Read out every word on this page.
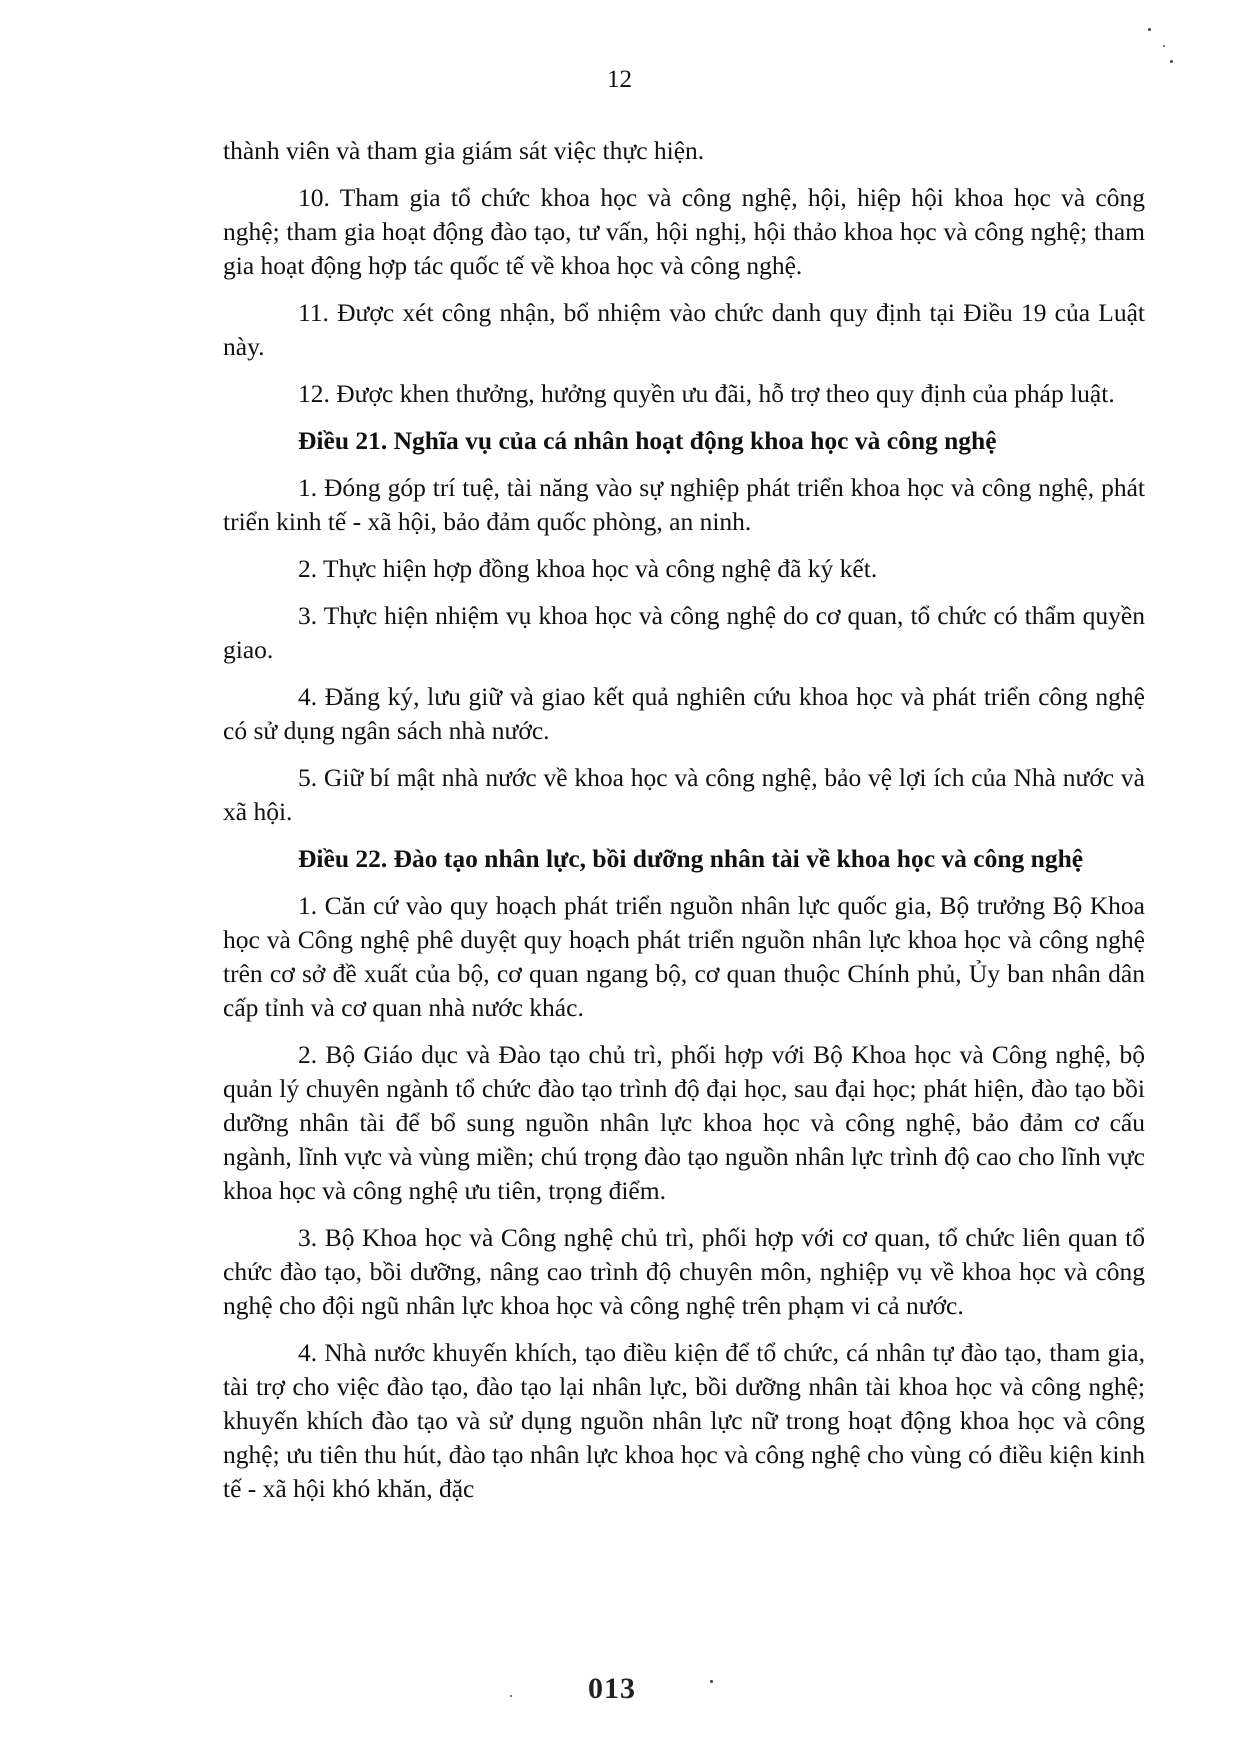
12

thành viên và tham gia giám sát việc thực hiện.

10. Tham gia tổ chức khoa học và công nghệ, hội, hiệp hội khoa học và công nghệ; tham gia hoạt động đào tạo, tư vấn, hội nghị, hội thảo khoa học và công nghệ; tham gia hoạt động hợp tác quốc tế về khoa học và công nghệ.

11. Được xét công nhận, bổ nhiệm vào chức danh quy định tại Điều 19 của Luật này.

12. Được khen thưởng, hưởng quyền ưu đãi, hỗ trợ theo quy định của pháp luật.

Điều 21. Nghĩa vụ của cá nhân hoạt động khoa học và công nghệ

1. Đóng góp trí tuệ, tài năng vào sự nghiệp phát triển khoa học và công nghệ, phát triển kinh tế - xã hội, bảo đảm quốc phòng, an ninh.

2. Thực hiện hợp đồng khoa học và công nghệ đã ký kết.

3. Thực hiện nhiệm vụ khoa học và công nghệ do cơ quan, tổ chức có thẩm quyền giao.

4. Đăng ký, lưu giữ và giao kết quả nghiên cứu khoa học và phát triển công nghệ có sử dụng ngân sách nhà nước.

5. Giữ bí mật nhà nước về khoa học và công nghệ, bảo vệ lợi ích của Nhà nước và xã hội.

Điều 22. Đào tạo nhân lực, bồi dưỡng nhân tài về khoa học và công nghệ

1. Căn cứ vào quy hoạch phát triển nguồn nhân lực quốc gia, Bộ trưởng Bộ Khoa học và Công nghệ phê duyệt quy hoạch phát triển nguồn nhân lực khoa học và công nghệ trên cơ sở đề xuất của bộ, cơ quan ngang bộ, cơ quan thuộc Chính phủ, Ủy ban nhân dân cấp tỉnh và cơ quan nhà nước khác.

2. Bộ Giáo dục và Đào tạo chủ trì, phối hợp với Bộ Khoa học và Công nghệ, bộ quản lý chuyên ngành tổ chức đào tạo trình độ đại học, sau đại học; phát hiện, đào tạo bồi dưỡng nhân tài để bổ sung nguồn nhân lực khoa học và công nghệ, bảo đảm cơ cấu ngành, lĩnh vực và vùng miền; chú trọng đào tạo nguồn nhân lực trình độ cao cho lĩnh vực khoa học và công nghệ ưu tiên, trọng điểm.

3. Bộ Khoa học và Công nghệ chủ trì, phối hợp với cơ quan, tổ chức liên quan tổ chức đào tạo, bồi dưỡng, nâng cao trình độ chuyên môn, nghiệp vụ về khoa học và công nghệ cho đội ngũ nhân lực khoa học và công nghệ trên phạm vi cả nước.

4. Nhà nước khuyến khích, tạo điều kiện để tổ chức, cá nhân tự đào tạo, tham gia, tài trợ cho việc đào tạo, đào tạo lại nhân lực, bồi dưỡng nhân tài khoa học và công nghệ; khuyến khích đào tạo và sử dụng nguồn nhân lực nữ trong hoạt động khoa học và công nghệ; ưu tiên thu hút, đào tạo nhân lực khoa học và công nghệ cho vùng có điều kiện kinh tế - xã hội khó khăn, đặc

013
